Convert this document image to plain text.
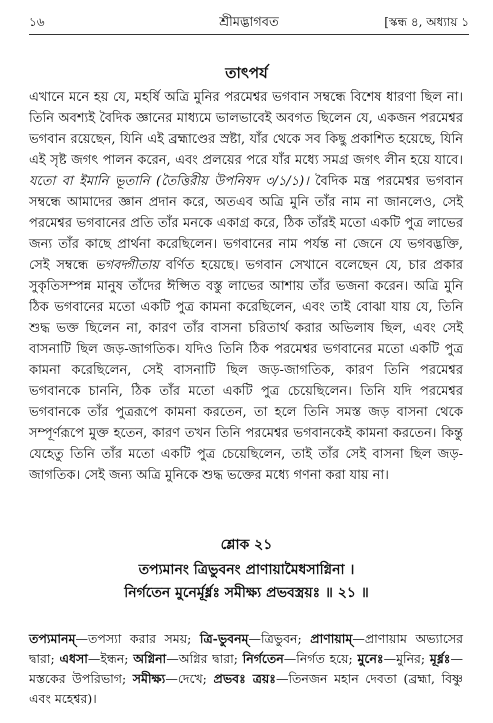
১৬	শ্রীমদ্ভাগবত	[স্কন্ধ ৪, অধ্যায় ১
তাৎপর্য

এখানে মনে হয় যে, মহর্ষি অত্রি মুনির পরমেশ্বর ভগবান সম্বন্ধে বিশেষ ধারণা ছিল না। তিনি অবশ্যই বৈদিক জ্ঞানের মাধ্যমে ভালভাবেই অবগত ছিলেন যে, একজন পরমেশ্বর ভগবান রয়েছেন, যিনি এই ব্রহ্মাণ্ডের স্রষ্টা, যাঁর থেকে সব কিছু প্রকাশিত হয়েছে, যিনি এই সৃষ্ট জগৎ পালন করেন, এবং প্রলয়ের পরে যাঁর মধ্যে সমগ্র জগৎ লীন হয়ে যাবে। যতো বা ইমানি ভূতানি (তৈত্তিরীয় উপনিষদ ৩/১/১)। বৈদিক মন্ত্র পরমেশ্বর ভগবান সম্বন্ধে আমাদের জ্ঞান প্রদান করে, অতএব অত্রি মুনি তাঁর নাম না জানলেও, সেই পরমেশ্বর ভগবানের প্রতি তাঁর মনকে একাগ্র করে, ঠিক তাঁরই মতো একটি পুত্র লাভের জন্য তাঁর কাছে প্রার্থনা করেছিলেন। ভগবানের নাম পর্যন্ত না জেনে যে ভগবদ্ভক্তি, সেই সম্বন্ধে ভগবদ্গীতায় বর্ণিত হয়েছে। ভগবান সেখানে বলেছেন যে, চার প্রকার সুকৃতিসম্পন্ন মানুষ তাঁদের ঈপ্সিত বস্তু লাভের আশায় তাঁর ভজনা করেন। অত্রি মুনি ঠিক ভগবানের মতো একটি পুত্র কামনা করেছিলেন, এবং তাই বোঝা যায় যে, তিনি শুদ্ধ ভক্ত ছিলেন না, কারণ তাঁর বাসনা চরিতার্থ করার অভিলাষ ছিল, এবং সেই বাসনাটি ছিল জড়-জাগতিক। যদিও তিনি ঠিক পরমেশ্বর ভগবানের মতো একটি পুত্র কামনা করেছিলেন, সেই বাসনাটি ছিল জড়-জাগতিক, কারণ তিনি পরমেশ্বর ভগবানকে চাননি, ঠিক তাঁর মতো একটি পুত্র চেয়েছিলেন। তিনি যদি পরমেশ্বর ভগবানকে তাঁর পুত্ররূপে কামনা করতেন, তা হলে তিনি সমস্ত জড় বাসনা থেকে সম্পূর্ণরূপে মুক্ত হতেন, কারণ তখন তিনি পরমেশ্বর ভগবানকেই কামনা করতেন। কিন্তু যেহেতু তিনি তাঁর মতো একটি পুত্র চেয়েছিলেন, তাই তাঁর সেই বাসনা ছিল জড়-জাগতিক। সেই জন্য অত্রি মুনিকে শুদ্ধ ভক্তের মধ্যে গণনা করা যায় না।

শ্লোক ২১
তপ্যমানং ত্রিভুবনং প্রাণায়ামৈধসাগ্নিনা ।
নির্গতেন মুনের্মূর্ধ্নঃ সমীক্ষ্য প্রভবস্ত্রয়ঃ ॥ ২১ ॥

তপ্যমানম্—তপস্যা করার সময়; ত্রি-ভুবনম্—ত্রিভুবন; প্রাণায়াম্—প্রাণায়াম অভ্যাসের দ্বারা; এধসা—ইন্ধন; অগ্নিনা—অগ্নির দ্বারা; নির্গতেন—নির্গত হয়ে; মুনেঃ—মুনির; মূর্ধ্নঃ—মস্তকের উপরিভাগ; সমীক্ষ্য—দেখে; প্রভবঃ ত্রয়ঃ—তিনজন মহান দেবতা (ব্রহ্মা, বিষ্ণু এবং মহেশ্বর)।
